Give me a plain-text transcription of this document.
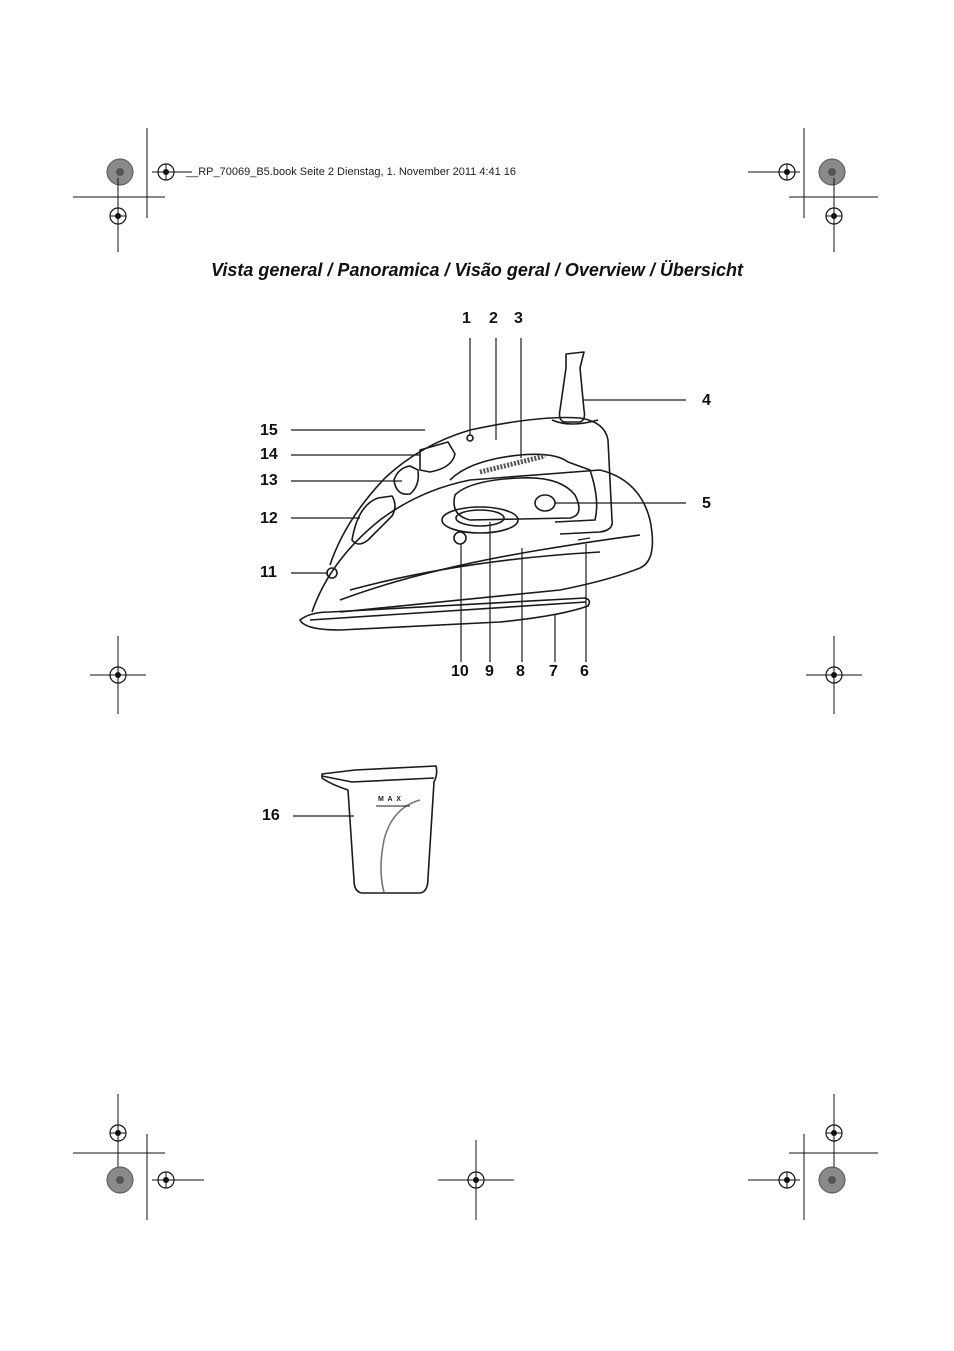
__RP_70069_B5.book Seite 2 Dienstag, 1. November 2011 4:41 16
Vista general / Panoramica / Visão geral / Overview / Übersicht
1 2 3
4
5
15
14
13
12
11
10 9 8 7 6
16
M A X
